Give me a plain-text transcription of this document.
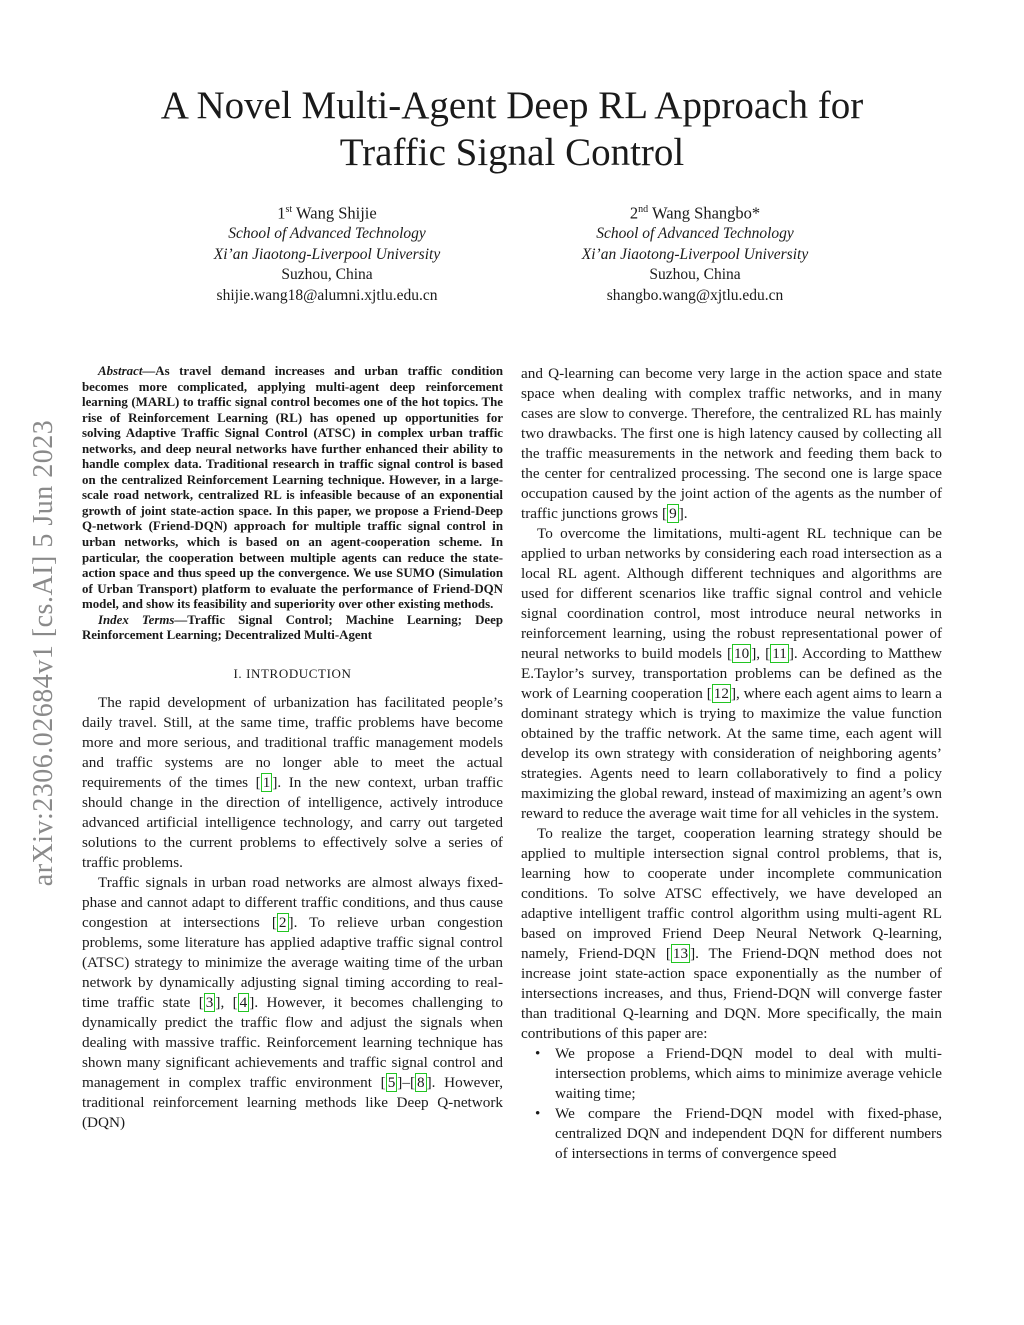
arXiv:2306.02684v1 [cs.AI] 5 Jun 2023
A Novel Multi-Agent Deep RL Approach for
Traffic Signal Control
1st Wang Shijie
School of Advanced Technology
Xi’an Jiaotong-Liverpool University
Suzhou, China
shijie.wang18@alumni.xjtlu.edu.cn
2nd Wang Shangbo*
School of Advanced Technology
Xi’an Jiaotong-Liverpool University
Suzhou, China
shangbo.wang@xjtlu.edu.cn

Abstract—As travel demand increases and urban traffic condition becomes more complicated, applying multi-agent deep reinforcement learning (MARL) to traffic signal control becomes one of the hot topics. The rise of Reinforcement Learning (RL) has opened up opportunities for solving Adaptive Traffic Signal Control (ATSC) in complex urban traffic networks, and deep neural networks have further enhanced their ability to handle complex data. Traditional research in traffic signal control is based on the centralized Reinforcement Learning technique. However, in a large-scale road network, centralized RL is infeasible because of an exponential growth of joint state-action space. In this paper, we propose a Friend-Deep Q-network (Friend-DQN) approach for multiple traffic signal control in urban networks, which is based on an agent-cooperation scheme. In particular, the cooperation between multiple agents can reduce the state-action space and thus speed up the convergence. We use SUMO (Simulation of Urban Transport) platform to evaluate the performance of Friend-DQN model, and show its feasibility and superiority over other existing methods.

Index Terms—Traffic Signal Control; Machine Learning; Deep Reinforcement Learning; Decentralized Multi-Agent

I. INTRODUCTION

The rapid development of urbanization has facilitated people’s daily travel. Still, at the same time, traffic problems have become more and more serious, and traditional traffic management models and traffic systems are no longer able to meet the actual requirements of the times [ 1 ]. In the new context, urban traffic should change in the direction of intelligence, actively introduce advanced artificial intelligence technology, and carry out targeted solutions to the current problems to effectively solve a series of traffic problems.

Traffic signals in urban road networks are almost always fixed-phase and cannot adapt to different traffic conditions, and thus cause congestion at intersections [ 2 ]. To relieve urban congestion problems, some literature has applied adaptive traffic signal control (ATSC) strategy to minimize the average waiting time of the urban network by dynamically adjusting signal timing according to real-time traffic state [ 3 ], [ 4 ]. However, it becomes challenging to dynamically predict the traffic flow and adjust the signals when dealing with massive traffic. Reinforcement learning technique has shown many significant achievements and traffic signal control and management in complex traffic environment [ 5 ]–[ 8 ]. However, traditional reinforcement learning methods like Deep Q-network (DQN)

and Q-learning can become very large in the action space and state space when dealing with complex traffic networks, and in many cases are slow to converge. Therefore, the centralized RL has mainly two drawbacks. The first one is high latency caused by collecting all the traffic measurements in the network and feeding them back to the center for centralized processing. The second one is large space occupation caused by the joint action of the agents as the number of traffic junctions grows [ 9 ].

To overcome the limitations, multi-agent RL technique can be applied to urban networks by considering each road intersection as a local RL agent. Although different techniques and algorithms are used for different scenarios like traffic signal control and vehicle signal coordination control, most introduce neural networks in reinforcement learning, using the robust representational power of neural networks to build models [ 10 ], [ 11 ]. According to Matthew E.Taylor’s survey, transportation problems can be defined as the work of Learning cooperation [ 12 ], where each agent aims to learn a dominant strategy which is trying to maximize the value function obtained by the traffic network. At the same time, each agent will develop its own strategy with consideration of neighboring agents’ strategies. Agents need to learn collaboratively to find a policy maximizing the global reward, instead of maximizing an agent’s own reward to reduce the average wait time for all vehicles in the system.

To realize the target, cooperation learning strategy should be applied to multiple intersection signal control problems, that is, learning how to cooperate under incomplete communication conditions. To solve ATSC effectively, we have developed an adaptive intelligent traffic control algorithm using multi-agent RL based on improved Friend Deep Neural Network Q-learning, namely, Friend-DQN [ 13 ]. The Friend-DQN method does not increase joint state-action space exponentially as the number of intersections increases, and thus, Friend-DQN will converge faster than traditional Q-learning and DQN. More specifically, the main contributions of this paper are:

• We propose a Friend-DQN model to deal with multi-intersection problems, which aims to minimize average vehicle waiting time;
• We compare the Friend-DQN model with fixed-phase, centralized DQN and independent DQN for different numbers of intersections in terms of convergence speed
